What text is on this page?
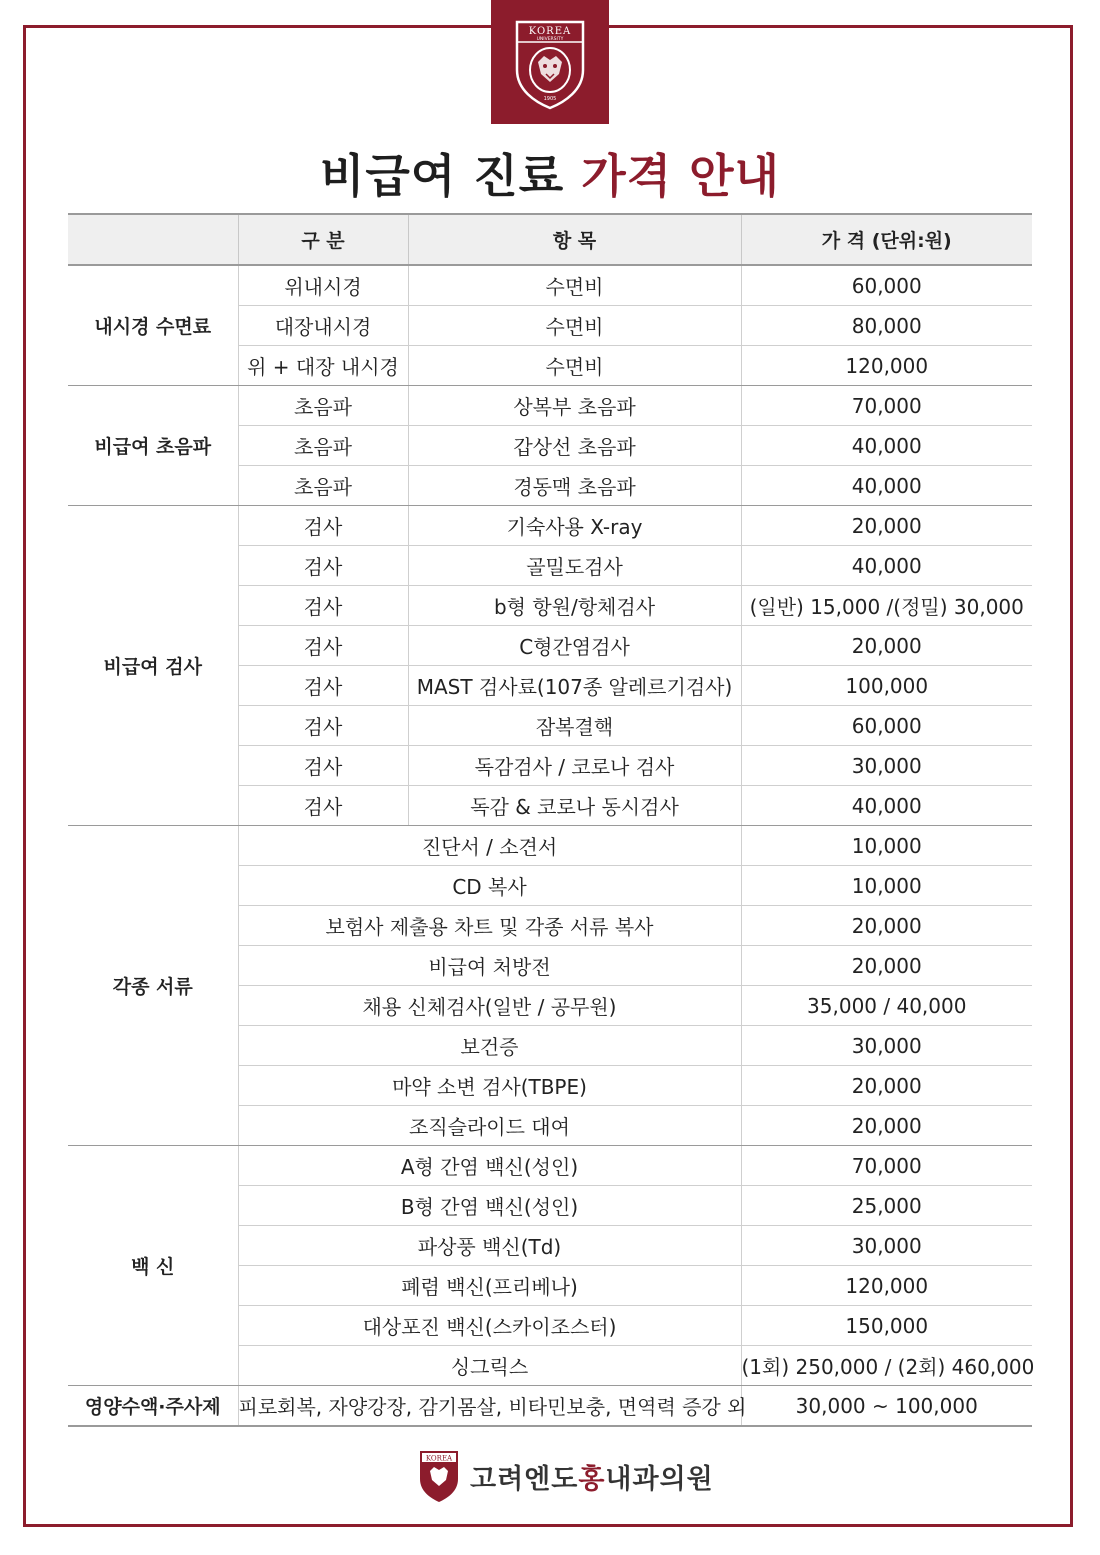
KOREA
UNIVERSITY
1905
비급여 진료 가격 안내
	구 분	항 목	가 격 (단위:원)
내시경 수면료	위내시경	수면비	60,000
	대장내시경	수면비	80,000
	위 + 대장 내시경	수면비	120,000
비급여 초음파	초음파	상복부 초음파	70,000
	초음파	갑상선 초음파	40,000
	초음파	경동맥 초음파	40,000
비급여 검사	검사	기숙사용 X-ray	20,000
	검사	골밀도검사	40,000
	검사	b형 항원/항체검사	(일반) 15,000 /(정밀) 30,000
	검사	C형간염검사	20,000
	검사	MAST 검사료(107종 알레르기검사)	100,000
	검사	잠복결핵	60,000
	검사	독감검사 / 코로나 검사	30,000
	검사	독감 & 코로나 동시검사	40,000
각종 서류	진단서 / 소견서		10,000
	CD 복사		10,000
	보험사 제출용 차트 및 각종 서류 복사		20,000
	비급여 처방전		20,000
	채용 신체검사(일반 / 공무원)		35,000 / 40,000
	보건증		30,000
	마약 소변 검사(TBPE)		20,000
	조직슬라이드 대여		20,000
백 신	A형 간염 백신(성인)		70,000
	B형 간염 백신(성인)		25,000
	파상풍 백신(Td)		30,000
	폐렴 백신(프리베나)		120,000
	대상포진 백신(스카이조스터)		150,000
	싱그릭스		(1회) 250,000 / (2회) 460,000
영양수액·주사제	피로회복, 자양강장, 감기몸살, 비타민보충, 면역력 증강 외		30,000 ~ 100,000
KOREA
고려엔도홍내과의원
